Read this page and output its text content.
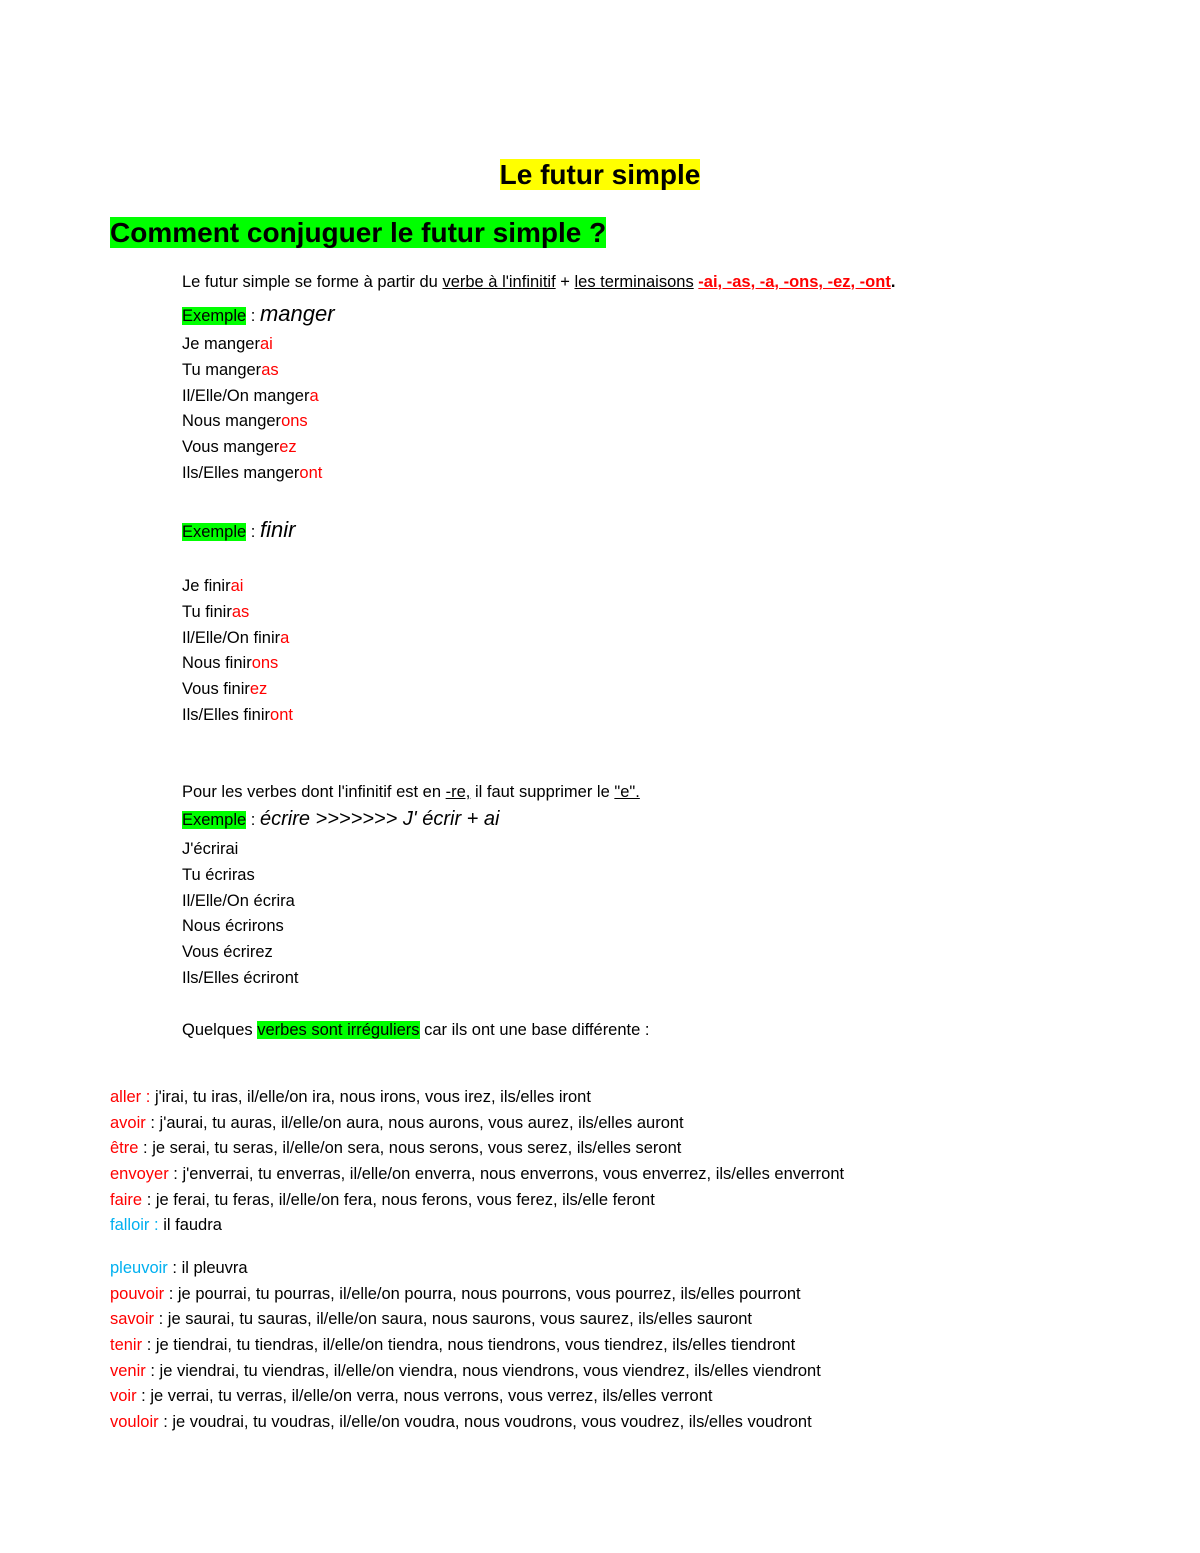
Le futur simple
Comment conjuguer le futur simple ?
Le futur simple se forme à partir du verbe à l'infinitif + les terminaisons -ai, -as, -a, -ons, -ez, -ont.
Exemple : manger
Je mangerai
Tu mangeras
Il/Elle/On mangera
Nous mangerons
Vous mangerez
Ils/Elles mangeront
Exemple : finir
Je finirai
Tu finiras
Il/Elle/On finira
Nous finirons
Vous finirez
Ils/Elles finiront
Pour les verbes dont l'infinitif est en -re, il faut supprimer le "e".
Exemple : écrire >>>>>>> J' écrir + ai
J'écrirai
Tu écriras
Il/Elle/On écrira
Nous écrirons
Vous écrirez
Ils/Elles écriront
Quelques verbes sont irréguliers car ils ont une base différente :
aller : j'irai, tu iras, il/elle/on ira, nous irons, vous irez, ils/elles iront
avoir : j'aurai, tu auras, il/elle/on aura, nous aurons, vous aurez, ils/elles auront
être : je serai, tu seras, il/elle/on sera, nous serons, vous serez, ils/elles seront
envoyer : j'enverrai, tu enverras, il/elle/on enverra, nous enverrons, vous enverrez, ils/elles enverront
faire : je ferai, tu feras, il/elle/on fera, nous ferons, vous ferez, ils/elle feront
falloir : il faudra
pleuvoir : il pleuvra
pouvoir : je pourrai, tu pourras, il/elle/on pourra, nous pourrons, vous pourrez, ils/elles pourront
savoir : je saurai, tu sauras, il/elle/on saura, nous saurons, vous saurez, ils/elles sauront
tenir : je tiendrai, tu tiendras, il/elle/on tiendra, nous tiendrons, vous tiendrez, ils/elles tiendront
venir : je viendrai, tu viendras, il/elle/on viendra, nous viendrons, vous viendrez, ils/elles viendront
voir : je verrai, tu verras, il/elle/on verra, nous verrons, vous verrez, ils/elles verront
vouloir : je voudrai, tu voudras, il/elle/on voudra, nous voudrons, vous voudrez, ils/elles voudront
